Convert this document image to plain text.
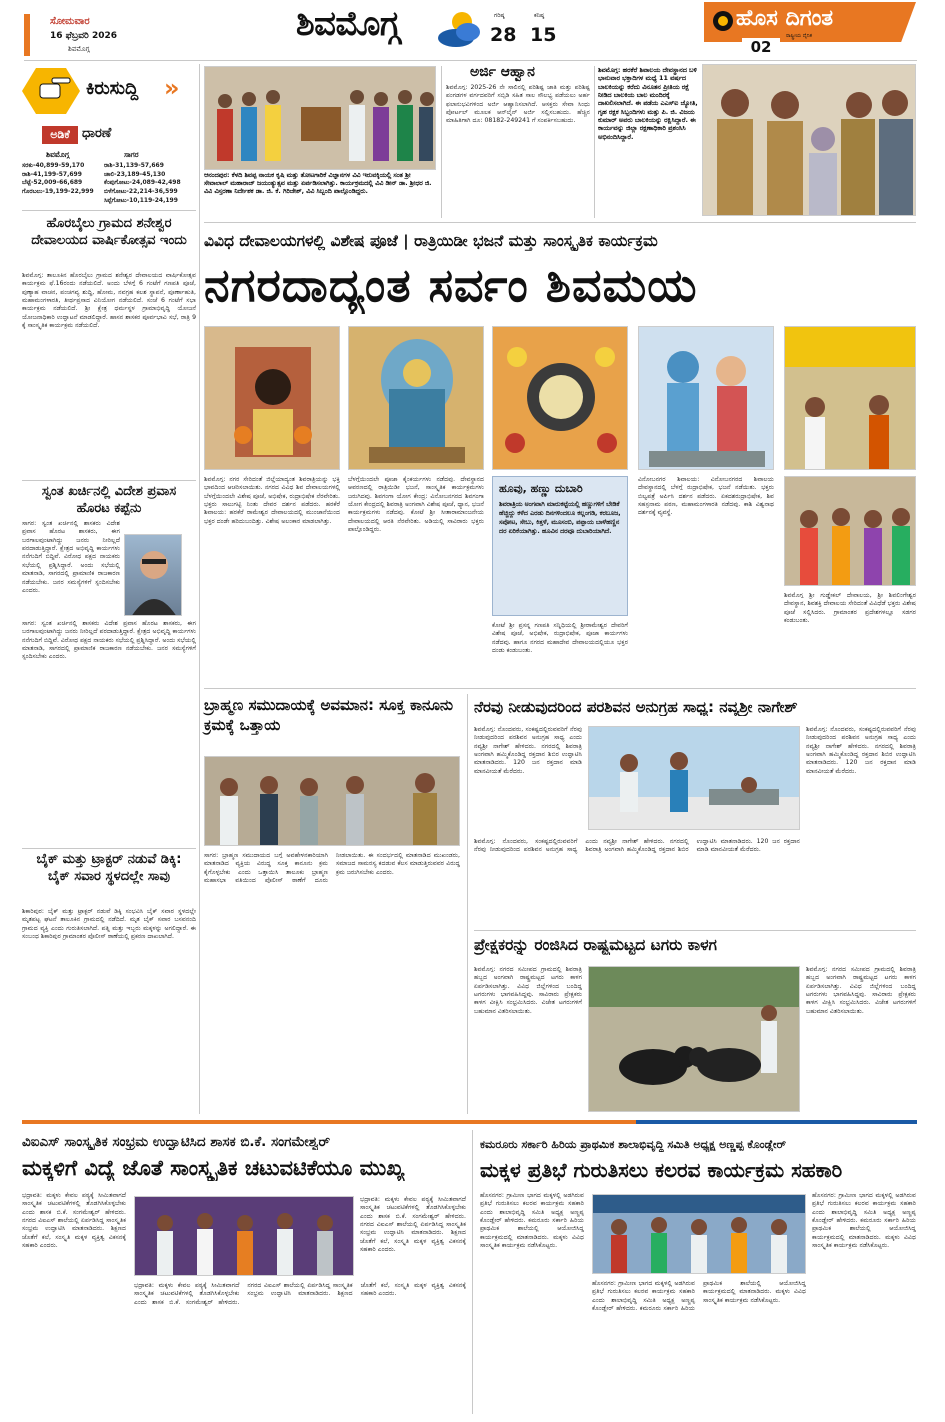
ಸೋಮವಾರ
16 ಫೆಬ್ರವರಿ 2026
ಶಿವಮೊಗ್ಗ
ಶಿವಮೊಗ್ಗ	ಗರಿಷ್ಠ
28
ಕನಿಷ್ಠ
15
ಹೊಸ ದಿಗಂತ
ರಾಷ್ಟ್ರೀಯ ದೈನಿಕ
02
ಕಿರುಸುದ್ದಿ »
ಅಡಿಕೆ ಧಾರಣೆ
ಶಿವಮೊಗ್ಗ	ಸಾಗರ
ಸರಕು-40,899-59,170
ರಾಶಿ-41,199-57,699
ಬೆಟ್ಟೆ-52,009-66,689
ಗೊರಬಲು-19,199-22,999
ರಾಶಿ-31,139-57,669
ಚಾಲಿ-23,189-45,130
ಕೆಂಪುಗೋಟು-24,089-42,498
ಬಿಳೆಗೋಟು-22,214-36,599
ಸಿಪ್ಪೆಗೋಟು-10,119-24,199
ಹೊರಬೈಲು ಗ್ರಾಮದ ಶನೇಶ್ವರ ದೇವಾಲಯದ ವಾರ್ಷಿಕೋತ್ಸವ ಇಂದು
ಶಿವಮೊಗ್ಗ: ತಾಲೂಕಿನ ಹೊರಬೈಲು ಗ್ರಾಮದ ಶನೇಶ್ವರ ದೇವಾಲಯದ ವಾರ್ಷಿಕೋತ್ಸವ ಕಾರ್ಯಕ್ರಮ ಫೆ.16ರಂದು ನಡೆಯಲಿದೆ. ಅಂದು ಬೆಳಗ್ಗೆ 6 ಗಂಟೆಗೆ ಗಣಪತಿ ಪೂಜೆ, ಪುಣ್ಯಾಹ ವಾಚನ, ಪಂಚಗವ್ಯ ಶುದ್ಧಿ, ಹೋಮ, ನವಗ್ರಹ ಕಲಶ ಸ್ಥಾಪನೆ, ಪೂರ್ಣಾಹುತಿ, ಮಹಾಮಂಗಳಾರತಿ, ತೀರ್ಥಪ್ರಸಾದ ವಿನಿಯೋಗ ನಡೆಯಲಿದೆ. ಸಂಜೆ 6 ಗಂಟೆಗೆ ಸಭಾ ಕಾರ್ಯಕ್ರಮ ನಡೆಯಲಿದೆ. ಶ್ರೀ ಕ್ಷೇತ್ರ ಧರ್ಮಸ್ಥಳ ಗ್ರಾಮಾಭಿವೃದ್ಧಿ ಯೋಜನೆ ಯೋಜನಾಧಿಕಾರಿ ಉದ್ಘಾಟನೆ ಮಾಡಲಿದ್ದಾರೆ. ಹಾಸನ ಶಾಸಕರ ಪೂರ್ವಭಾವಿ ಸಭೆ, ರಾತ್ರಿ 9 ಕ್ಕೆ ಸಾಂಸ್ಕೃತಿಕ ಕಾರ್ಯಕ್ರಮ ನಡೆಯಲಿದೆ.
ಸ್ವಂತ ಖರ್ಚಿನಲ್ಲಿ ವಿದೇಶ ಪ್ರವಾಸ ಹೊರಟ ಕಪ್ಪೆನು
ಸಾಗರ: ಸ್ವಂತ ಖರ್ಚಿನಲ್ಲಿ ಶಾಸಕರು ವಿದೇಶ ಪ್ರವಾಸ ಹೊರಟ ಶಾಸಕರು, ಈಗ ಬರಗಾಲವುಂಟಾಗಿದ್ದು ಜನರು ನೀರಿಲ್ಲದೆ ಪರದಾಡುತ್ತಿದ್ದಾರೆ. ಕ್ಷೇತ್ರದ ಅಭಿವೃದ್ಧಿ ಕಾರ್ಯಗಳು ನನೆಗುದಿಗೆ ಬಿದ್ದಿವೆ. ವಿರೋಧ ಪಕ್ಷದ ನಾಯಕರು ಸಭೆಯಲ್ಲಿ ಪ್ರಶ್ನಿಸಿದ್ದಾರೆ. ಅಂದು ಸಭೆಯಲ್ಲಿ ಮಾತನಾಡಿ, ಸಾಗರದಲ್ಲಿ ಪ್ರಾಮಾಣಿಕ ರಾಜಕಾರಣ ನಡೆಯಬೇಕು. ಜನರ ಸಮಸ್ಯೆಗಳಿಗೆ ಸ್ಪಂದಿಸಬೇಕು ಎಂದರು.
ಸಾಗರ: ಸ್ವಂತ ಖರ್ಚಿನಲ್ಲಿ ಶಾಸಕರು ವಿದೇಶ ಪ್ರವಾಸ ಹೊರಟ ಶಾಸಕರು, ಈಗ ಬರಗಾಲವುಂಟಾಗಿದ್ದು ಜನರು ನೀರಿಲ್ಲದೆ ಪರದಾಡುತ್ತಿದ್ದಾರೆ. ಕ್ಷೇತ್ರದ ಅಭಿವೃದ್ಧಿ ಕಾರ್ಯಗಳು ನನೆಗುದಿಗೆ ಬಿದ್ದಿವೆ. ವಿರೋಧ ಪಕ್ಷದ ನಾಯಕರು ಸಭೆಯಲ್ಲಿ ಪ್ರಶ್ನಿಸಿದ್ದಾರೆ. ಅಂದು ಸಭೆಯಲ್ಲಿ ಮಾತನಾಡಿ, ಸಾಗರದಲ್ಲಿ ಪ್ರಾಮಾಣಿಕ ರಾಜಕಾರಣ ನಡೆಯಬೇಕು. ಜನರ ಸಮಸ್ಯೆಗಳಿಗೆ ಸ್ಪಂದಿಸಬೇಕು ಎಂದರು.
ಬೈಕ್ ಮತ್ತು ಟ್ರಾಕ್ಟರ್ ನಡುವೆ ಡಿಕ್ಕಿ: ಬೈಕ್ ಸವಾರ ಸ್ಥಳದಲ್ಲೇ ಸಾವು
ಶಿಕಾರಿಪುರ: ಬೈಕ್ ಮತ್ತು ಟ್ರಾಕ್ಟರ್ ನಡುವೆ ಡಿಕ್ಕಿ ಸಂಭವಿಸಿ ಬೈಕ್ ಸವಾರ ಸ್ಥಳದಲ್ಲೇ ಮೃತಪಟ್ಟ ಘಟನೆ ತಾಲೂಕಿನ ಗ್ರಾಮದಲ್ಲಿ ನಡೆದಿದೆ. ಮೃತ ಬೈಕ್ ಸವಾರ ಬಸವನಂದಿ ಗ್ರಾಮದ ವ್ಯಕ್ತಿ ಎಂದು ಗುರುತಿಸಲಾಗಿದೆ. ಪತ್ನಿ ಮತ್ತು ಇಬ್ಬರು ಮಕ್ಕಳನ್ನು ಅಗಲಿದ್ದಾರೆ. ಈ ಸಂಬಂಧ ಶಿಕಾರಿಪುರ ಗ್ರಾಮಾಂತರ ಪೊಲೀಸ್ ಠಾಣೆಯಲ್ಲಿ ಪ್ರಕರಣ ದಾಖಲಾಗಿದೆ.
ಆನಂದಪುರ: ಕೆಳದಿ ಶಿವಪ್ಪ ನಾಯಕ ಕೃಷಿ ಮತ್ತು ತೋಟಗಾರಿಕೆ ವಿಜ್ಞಾನಗಳ ವಿವಿ ಇರುವಕ್ಕಿಯಲ್ಲಿ ಸಂತ ಶ್ರೀ ಸೇವಾಲಾಲ್ ಮಹಾರಾಜ್ ಜಯಂತ್ಯುತ್ಸವ ಮತ್ತು ಏರ್ಪಡಿಸಲಾಗಿತ್ತು. ಕಾರ್ಯಕ್ರಮದಲ್ಲಿ ವಿವಿ ಡೀನ್ ಡಾ. ಶ್ರೀಧರ ಜಿ. ವಿವಿ ವಿಸ್ತರಣಾ ನಿರ್ದೇಶಕ ಡಾ. ಜಿ. ಕೆ. ಗಿರಿಜೇಶ್, ವಿವಿ ಸಿಬ್ಬಂದಿ ಪಾಲ್ಗೊಂಡಿದ್ದರು.
ಅರ್ಜಿ ಆಹ್ವಾನ
ಶಿವಮೊಗ್ಗ: 2025-26 ನೇ ಸಾಲಿನಲ್ಲಿ ಪರಿಶಿಷ್ಟ ಜಾತಿ ಮತ್ತು ಪರಿಶಿಷ್ಟ ಪಂಗಡಗಳ ವರ್ಗದವರಿಗೆ ಸಬ್ಸಿಡಿ ಸಹಿತ ಸಾಲ ಸೌಲಭ್ಯ ಪಡೆಯಲು ಅರ್ಹ ಫಲಾನುಭವಿಗಳಿಂದ ಅರ್ಜಿ ಆಹ್ವಾನಿಸಲಾಗಿದೆ. ಆಸಕ್ತರು ಸೇವಾ ಸಿಂಧು ಪೋರ್ಟಲ್ ಮೂಲಕ ಆನ್‌ಲೈನ್ ಅರ್ಜಿ ಸಲ್ಲಿಸಬಹುದು. ಹೆಚ್ಚಿನ ಮಾಹಿತಿಗಾಗಿ ದೂ: 08182-249241 ಗೆ ಸಂಪರ್ಕಿಸಬಹುದು.
ಶಿವಮೊಗ್ಗ: ಹರಕೆರೆ ಶಿವಾಲಯ ದೇವಸ್ಥಾನದ ಬಳಿ ಭಾನುವಾರ ಭಕ್ತಾದಿಗಳ ಮಧ್ಯೆ 11 ವರ್ಷದ ಬಾಲಕಿಯನ್ನು ಕರೆದು ವಿನೂತನ ಪ್ರೀತಿಯ ರಕ್ಷೆ ನೀಡಿದ ಬಾಲಕಿಯ ಬಾಲ ಮಂದಿರಕ್ಕೆ ದಾಖಲಿಸಲಾಗಿದೆ. ಈ ಪಡೆಯ ಎಎಸ್ಐ ಜ್ಯೋತಿ, ಗೃಹ ರಕ್ಷಕ ಸಿಬ್ಬಂದಿಗಳು ಮತ್ತು ಪಿ. ಜಿ. ವಿಜಯ ಕುಮಾರ್ ಅವರು ಬಾಲಕಿಯನ್ನು ರಕ್ಷಿಸಿದ್ದಾರೆ. ಈ ಕಾರ್ಯವನ್ನು ಜಿಲ್ಲಾ ರಕ್ಷಣಾಧಿಕಾರಿ ಪ್ರಶಂಸಿಸಿ ಅಭಿನಂದಿಸಿದ್ದಾರೆ.
ವಿವಿಧ ದೇವಾಲಯಗಳಲ್ಲಿ ವಿಶೇಷ ಪೂಜೆ | ರಾತ್ರಿಯಿಡೀ ಭಜನೆ ಮತ್ತು ಸಾಂಸ್ಕೃತಿಕ ಕಾರ್ಯಕ್ರಮ
ನಗರದಾದ್ಯಂತ ಸರ್ವಂ ಶಿವಮಯ
ಶಿವಮೊಗ್ಗ: ನಗರ ಸೇರಿದಂತೆ ಜಿಲ್ಲೆಯಾದ್ಯಂತ ಶಿವರಾತ್ರಿಯನ್ನು ಭಕ್ತಿ ಭಾವದಿಂದ ಆಚರಿಸಲಾಯಿತು. ನಗರದ ವಿವಿಧ ಶಿವ ದೇವಾಲಯಗಳಲ್ಲಿ ಬೆಳಗ್ಗೆಯಿಂದಲೇ ವಿಶೇಷ ಪೂಜೆ, ಅಭಿಷೇಕ, ರುದ್ರಾಭಿಷೇಕ ನೆರವೇರಿತು. ಭಕ್ತರು ಸಾಲುಗಟ್ಟಿ ನಿಂತು ದೇವರ ದರ್ಶನ ಪಡೆದರು. ಹರಕೆರೆ ಶಿವಾಲಯ: ಹರಕೆರೆ ರಾಮೇಶ್ವರ ದೇವಾಲಯದಲ್ಲಿ ಮುಂಜಾನೆಯಿಂದ ಭಕ್ತರ ದಂಡೇ ಹರಿದುಬಂದಿತ್ತು. ವಿಶೇಷ ಅಲಂಕಾರ ಮಾಡಲಾಗಿತ್ತು.
ಬೆಳಗ್ಗೆಯಿಂದಲೇ ಪೂಜಾ ಕೈಂಕರ್ಯಗಳು ನಡೆದವು. ದೇವಸ್ಥಾನದ ಆವರಣದಲ್ಲಿ ರಾತ್ರಿಯಿಡೀ ಭಜನೆ, ಸಾಂಸ್ಕೃತಿಕ ಕಾರ್ಯಕ್ರಮಗಳು ಜರುಗಿದವು. ಶಿವಗಂಗಾ ಯೋಗ ಕೇಂದ್ರ: ವಿನೋಬನಗರದ ಶಿವಗಂಗಾ ಯೋಗ ಕೇಂದ್ರದಲ್ಲಿ ಶಿವರಾತ್ರಿ ಅಂಗವಾಗಿ ವಿಶೇಷ ಪೂಜೆ, ಧ್ಯಾನ, ಭಜನೆ ಕಾರ್ಯಕ್ರಮಗಳು ನಡೆದವು. ಕೋಟೆ ಶ್ರೀ ಸೀತಾರಾಮಾಂಜನೇಯ ದೇವಾಲಯದಲ್ಲಿ ಆರತಿ ನೆರವೇರಿತು. ಅಡಿಯಲ್ಲಿ ಸಾವಿರಾರು ಭಕ್ತರು ಪಾಲ್ಗೊಂಡಿದ್ದರು.
ಹೂವು, ಹಣ್ಣು ದುಬಾರಿ
ಶಿವರಾತ್ರಿಯ ಅಂಗವಾಗಿ ಮಾರುಕಟ್ಟೆಯಲ್ಲಿ ಹಣ್ಣುಗಳಿಗೆ ಬೇಡಿಕೆ ಹೆಚ್ಚಿದ್ದು ಕಳೆದ ಎರಡು ದಿನಗಳಿಂದಲೂ ಕಲ್ಲಂಗಡಿ, ಕರಬೂಜ, ಸಪೋಟ, ಸೇಬು, ಕಿತ್ತಳೆ, ಮೂಸಂಬಿ, ಪಪ್ಪಾಯ ಬಾಳೆಹಣ್ಣಿನ ದರ ಏರಿಕೆಯಾಗಿತ್ತು. ಹೂವಿನ ದರವೂ ದುಬಾರಿಯಾಗಿದೆ.
ಕೋಟೆ ಶ್ರೀ ಪ್ರಸನ್ನ ಗಣಪತಿ ಸನ್ನಿಧಿಯಲ್ಲಿ ಶ್ರೀರಾಮೇಶ್ವರ ದೇವರಿಗೆ ವಿಶೇಷ ಪೂಜೆ, ಅಭಿಷೇಕ, ರುದ್ರಾಭಿಷೇಕ, ಪೂಜಾ ಕಾರ್ಯಗಳು ನಡೆದವು. ಹಾಗೂ ನಗರದ ಮಹಾದೇವ ದೇವಾಲಯದಲ್ಲಿಯೂ ಭಕ್ತರ ದಂಡು ಕಂಡುಬಂತು.
ವಿನೋಬನಗರ ಶಿವಾಲಯ: ವಿನೋಬನಗರದ ಶಿವಾಲಯ ದೇವಸ್ಥಾನದಲ್ಲಿ ಬೆಳಗ್ಗೆ ರುದ್ರಾಭಿಷೇಕ, ಭಜನೆ ನಡೆಯಿತು. ಭಕ್ತರು ಬಿಲ್ವಪತ್ರೆ ಅರ್ಪಿಸಿ ದರ್ಶನ ಪಡೆದರು. ಏಕದಶರುದ್ರಾಭಿಷೇಕ, ಶಿವ ಸಹಸ್ರನಾಮ ಪಠಣ, ಮಹಾಮಂಗಳಾರತಿ ನಡೆದವು. ಕಾಶಿ ವಿಶ್ವನಾಥ ದರ್ಶನಕ್ಕೆ ವ್ಯವಸ್ಥೆ.
ಶಿವಮೊಗ್ಗ ಶ್ರೀ ಗುಡ್ಡೇಕಲ್ ದೇವಾಲಯ, ಶ್ರೀ ಶಿವಲಿಂಗೇಶ್ವರ ದೇವಸ್ಥಾನ, ಶಿವಶಕ್ತಿ ದೇವಾಲಯ ಸೇರಿದಂತೆ ವಿವಿಧೆಡೆ ಭಕ್ತರು ವಿಶೇಷ ಪೂಜೆ ಸಲ್ಲಿಸಿದರು. ಗ್ರಾಮಾಂತರ ಪ್ರದೇಶಗಳಲ್ಲೂ ಸಡಗರ ಕಂಡುಬಂತು.
ಬ್ರಾಹ್ಮಣ ಸಮುದಾಯಕ್ಕೆ ಅವಮಾನ: ಸೂಕ್ತ ಕಾನೂನು ಕ್ರಮಕ್ಕೆ ಒತ್ತಾಯ
ಸಾಗರ: ಬ್ರಾಹ್ಮಣ ಸಮುದಾಯದ ಬಗ್ಗೆ ಅವಹೇಳನಕಾರಿಯಾಗಿ ಮಾತನಾಡಿದ ವ್ಯಕ್ತಿಯ ವಿರುದ್ಧ ಸೂಕ್ತ ಕಾನೂನು ಕ್ರಮ ಕೈಗೊಳ್ಳಬೇಕು ಎಂದು ಒತ್ತಾಯಿಸಿ ತಾಲೂಕು ಬ್ರಾಹ್ಮಣ ಮಹಾಸಭಾ ವತಿಯಿಂದ ಪೊಲೀಸ್ ಠಾಣೆಗೆ ದೂರು ನೀಡಲಾಯಿತು. ಈ ಸಂದರ್ಭದಲ್ಲಿ ಮಾತನಾಡಿದ ಮುಖಂಡರು, ಸಮಾಜದ ಸಾಮರಸ್ಯ ಕದಡುವ ಕೆಲಸ ಮಾಡುತ್ತಿರುವವರ ವಿರುದ್ಧ ಕ್ರಮ ಜರುಗಿಸಬೇಕು ಎಂದರು.
ನೆರವು ನೀಡುವುದರಿಂದ ಪರಶಿವನ ಅನುಗ್ರಹ ಸಾಧ್ಯ: ನವ್ಯಶ್ರೀ ನಾಗೇಶ್
ಶಿವಮೊಗ್ಗ: ನೊಂದವರು, ಸಂಕಷ್ಟದಲ್ಲಿರುವವರಿಗೆ ನೆರವು ನೀಡುವುದರಿಂದ ಪರಶಿವನ ಅನುಗ್ರಹ ಸಾಧ್ಯ ಎಂದು ನವ್ಯಶ್ರೀ ನಾಗೇಶ್ ಹೇಳಿದರು. ನಗರದಲ್ಲಿ ಶಿವರಾತ್ರಿ ಅಂಗವಾಗಿ ಹಮ್ಮಿಕೊಂಡಿದ್ದ ರಕ್ತದಾನ ಶಿಬಿರ ಉದ್ಘಾಟಿಸಿ ಮಾತನಾಡಿದರು. 120 ಜನ ರಕ್ತದಾನ ಮಾಡಿ ಮಾನವೀಯತೆ ಮೆರೆದರು.
ಶಿವಮೊಗ್ಗ: ನೊಂದವರು, ಸಂಕಷ್ಟದಲ್ಲಿರುವವರಿಗೆ ನೆರವು ನೀಡುವುದರಿಂದ ಪರಶಿವನ ಅನುಗ್ರಹ ಸಾಧ್ಯ ಎಂದು ನವ್ಯಶ್ರೀ ನಾಗೇಶ್ ಹೇಳಿದರು. ನಗರದಲ್ಲಿ ಶಿವರಾತ್ರಿ ಅಂಗವಾಗಿ ಹಮ್ಮಿಕೊಂಡಿದ್ದ ರಕ್ತದಾನ ಶಿಬಿರ ಉದ್ಘಾಟಿಸಿ ಮಾತನಾಡಿದರು. 120 ಜನ ರಕ್ತದಾನ ಮಾಡಿ ಮಾನವೀಯತೆ ಮೆರೆದರು.
ಶಿವಮೊಗ್ಗ: ನೊಂದವರು, ಸಂಕಷ್ಟದಲ್ಲಿರುವವರಿಗೆ ನೆರವು ನೀಡುವುದರಿಂದ ಪರಶಿವನ ಅನುಗ್ರಹ ಸಾಧ್ಯ ಎಂದು ನವ್ಯಶ್ರೀ ನಾಗೇಶ್ ಹೇಳಿದರು. ನಗರದಲ್ಲಿ ಶಿವರಾತ್ರಿ ಅಂಗವಾಗಿ ಹಮ್ಮಿಕೊಂಡಿದ್ದ ರಕ್ತದಾನ ಶಿಬಿರ ಉದ್ಘಾಟಿಸಿ ಮಾತನಾಡಿದರು. 120 ಜನ ರಕ್ತದಾನ ಮಾಡಿ ಮಾನವೀಯತೆ ಮೆರೆದರು.
ಪ್ರೇಕ್ಷಕರನ್ನು ರಂಜಿಸಿದ ರಾಷ್ಟ್ರಮಟ್ಟದ ಟಗರು ಕಾಳಗ
ಶಿವಮೊಗ್ಗ: ನಗರದ ಸಮೀಪದ ಗ್ರಾಮದಲ್ಲಿ ಶಿವರಾತ್ರಿ ಹಬ್ಬದ ಅಂಗವಾಗಿ ರಾಷ್ಟ್ರಮಟ್ಟದ ಟಗರು ಕಾಳಗ ಏರ್ಪಡಿಸಲಾಗಿತ್ತು. ವಿವಿಧ ಜಿಲ್ಲೆಗಳಿಂದ ಬಂದಿದ್ದ ಟಗರುಗಳು ಭಾಗವಹಿಸಿದ್ದವು. ಸಾವಿರಾರು ಪ್ರೇಕ್ಷಕರು ಕಾಳಗ ವೀಕ್ಷಿಸಿ ಸಂಭ್ರಮಿಸಿದರು. ವಿಜೇತ ಟಗರುಗಳಿಗೆ ಬಹುಮಾನ ವಿತರಿಸಲಾಯಿತು.
ಶಿವಮೊಗ್ಗ: ನಗರದ ಸಮೀಪದ ಗ್ರಾಮದಲ್ಲಿ ಶಿವರಾತ್ರಿ ಹಬ್ಬದ ಅಂಗವಾಗಿ ರಾಷ್ಟ್ರಮಟ್ಟದ ಟಗರು ಕಾಳಗ ಏರ್ಪಡಿಸಲಾಗಿತ್ತು. ವಿವಿಧ ಜಿಲ್ಲೆಗಳಿಂದ ಬಂದಿದ್ದ ಟಗರುಗಳು ಭಾಗವಹಿಸಿದ್ದವು. ಸಾವಿರಾರು ಪ್ರೇಕ್ಷಕರು ಕಾಳಗ ವೀಕ್ಷಿಸಿ ಸಂಭ್ರಮಿಸಿದರು. ವಿಜೇತ ಟಗರುಗಳಿಗೆ ಬಹುಮಾನ ವಿತರಿಸಲಾಯಿತು.
ವಿಐಎಸ್ ಸಾಂಸ್ಕೃತಿಕ ಸಂಭ್ರಮ ಉದ್ಘಾಟಿಸಿದ ಶಾಸಕ ಬಿ.ಕೆ. ಸಂಗಮೇಶ್ವರ್
ಮಕ್ಕಳಿಗೆ ವಿದ್ಯೆ ಜೊತೆ ಸಾಂಸ್ಕೃತಿಕ ಚಟುವಟಿಕೆಯೂ ಮುಖ್ಯ
ಭದ್ರಾವತಿ: ಮಕ್ಕಳು ಕೇವಲ ಪಠ್ಯಕ್ಕೆ ಸೀಮಿತವಾಗದೆ ಸಾಂಸ್ಕೃತಿಕ ಚಟುವಟಿಕೆಗಳಲ್ಲಿ ತೊಡಗಿಸಿಕೊಳ್ಳಬೇಕು ಎಂದು ಶಾಸಕ ಬಿ.ಕೆ. ಸಂಗಮೇಶ್ವರ್ ಹೇಳಿದರು. ನಗರದ ವಿಐಎಸ್ ಶಾಲೆಯಲ್ಲಿ ಏರ್ಪಡಿಸಿದ್ದ ಸಾಂಸ್ಕೃತಿಕ ಸಂಭ್ರಮ ಉದ್ಘಾಟಿಸಿ ಮಾತನಾಡಿದರು. ಶಿಕ್ಷಣದ ಜೊತೆಗೆ ಕಲೆ, ಸಂಸ್ಕೃತಿ ಮಕ್ಕಳ ವ್ಯಕ್ತಿತ್ವ ವಿಕಸನಕ್ಕೆ ಸಹಕಾರಿ ಎಂದರು.
ಭದ್ರಾವತಿ: ಮಕ್ಕಳು ಕೇವಲ ಪಠ್ಯಕ್ಕೆ ಸೀಮಿತವಾಗದೆ ಸಾಂಸ್ಕೃತಿಕ ಚಟುವಟಿಕೆಗಳಲ್ಲಿ ತೊಡಗಿಸಿಕೊಳ್ಳಬೇಕು ಎಂದು ಶಾಸಕ ಬಿ.ಕೆ. ಸಂಗಮೇಶ್ವರ್ ಹೇಳಿದರು. ನಗರದ ವಿಐಎಸ್ ಶಾಲೆಯಲ್ಲಿ ಏರ್ಪಡಿಸಿದ್ದ ಸಾಂಸ್ಕೃತಿಕ ಸಂಭ್ರಮ ಉದ್ಘಾಟಿಸಿ ಮಾತನಾಡಿದರು. ಶಿಕ್ಷಣದ ಜೊತೆಗೆ ಕಲೆ, ಸಂಸ್ಕೃತಿ ಮಕ್ಕಳ ವ್ಯಕ್ತಿತ್ವ ವಿಕಸನಕ್ಕೆ ಸಹಕಾರಿ ಎಂದರು.
ಭದ್ರಾವತಿ: ಮಕ್ಕಳು ಕೇವಲ ಪಠ್ಯಕ್ಕೆ ಸೀಮಿತವಾಗದೆ ಸಾಂಸ್ಕೃತಿಕ ಚಟುವಟಿಕೆಗಳಲ್ಲಿ ತೊಡಗಿಸಿಕೊಳ್ಳಬೇಕು ಎಂದು ಶಾಸಕ ಬಿ.ಕೆ. ಸಂಗಮೇಶ್ವರ್ ಹೇಳಿದರು. ನಗರದ ವಿಐಎಸ್ ಶಾಲೆಯಲ್ಲಿ ಏರ್ಪಡಿಸಿದ್ದ ಸಾಂಸ್ಕೃತಿಕ ಸಂಭ್ರಮ ಉದ್ಘಾಟಿಸಿ ಮಾತನಾಡಿದರು. ಶಿಕ್ಷಣದ ಜೊತೆಗೆ ಕಲೆ, ಸಂಸ್ಕೃತಿ ಮಕ್ಕಳ ವ್ಯಕ್ತಿತ್ವ ವಿಕಸನಕ್ಕೆ ಸಹಕಾರಿ ಎಂದರು.
ಕಮರೂರು ಸರ್ಕಾರಿ ಹಿರಿಯ ಪ್ರಾಥಮಿಕ ಶಾಲಾಭಿವೃದ್ಧಿ ಸಮಿತಿ ಅಧ್ಯಕ್ಷ ಅಣ್ಣಪ್ಪ ಕೊಂಡ್ಲೇರ್
ಮಕ್ಕಳ ಪ್ರತಿಭೆ ಗುರುತಿಸಲು ಕಲರವ ಕಾರ್ಯಕ್ರಮ ಸಹಕಾರಿ
ಹೊಸನಗರ: ಗ್ರಾಮೀಣ ಭಾಗದ ಮಕ್ಕಳಲ್ಲಿ ಅಡಗಿರುವ ಪ್ರತಿಭೆ ಗುರುತಿಸಲು ಕಲರವ ಕಾರ್ಯಕ್ರಮ ಸಹಕಾರಿ ಎಂದು ಶಾಲಾಭಿವೃದ್ಧಿ ಸಮಿತಿ ಅಧ್ಯಕ್ಷ ಅಣ್ಣಪ್ಪ ಕೊಂಡ್ಲೇರ್ ಹೇಳಿದರು. ಕಮರೂರು ಸರ್ಕಾರಿ ಹಿರಿಯ ಪ್ರಾಥಮಿಕ ಶಾಲೆಯಲ್ಲಿ ಆಯೋಜಿಸಿದ್ದ ಕಾರ್ಯಕ್ರಮದಲ್ಲಿ ಮಾತನಾಡಿದರು. ಮಕ್ಕಳು ವಿವಿಧ ಸಾಂಸ್ಕೃತಿಕ ಕಾರ್ಯಕ್ರಮ ನಡೆಸಿಕೊಟ್ಟರು.
ಹೊಸನಗರ: ಗ್ರಾಮೀಣ ಭಾಗದ ಮಕ್ಕಳಲ್ಲಿ ಅಡಗಿರುವ ಪ್ರತಿಭೆ ಗುರುತಿಸಲು ಕಲರವ ಕಾರ್ಯಕ್ರಮ ಸಹಕಾರಿ ಎಂದು ಶಾಲಾಭಿವೃದ್ಧಿ ಸಮಿತಿ ಅಧ್ಯಕ್ಷ ಅಣ್ಣಪ್ಪ ಕೊಂಡ್ಲೇರ್ ಹೇಳಿದರು. ಕಮರೂರು ಸರ್ಕಾರಿ ಹಿರಿಯ ಪ್ರಾಥಮಿಕ ಶಾಲೆಯಲ್ಲಿ ಆಯೋಜಿಸಿದ್ದ ಕಾರ್ಯಕ್ರಮದಲ್ಲಿ ಮಾತನಾಡಿದರು. ಮಕ್ಕಳು ವಿವಿಧ ಸಾಂಸ್ಕೃತಿಕ ಕಾರ್ಯಕ್ರಮ ನಡೆಸಿಕೊಟ್ಟರು.
ಹೊಸನಗರ: ಗ್ರಾಮೀಣ ಭಾಗದ ಮಕ್ಕಳಲ್ಲಿ ಅಡಗಿರುವ ಪ್ರತಿಭೆ ಗುರುತಿಸಲು ಕಲರವ ಕಾರ್ಯಕ್ರಮ ಸಹಕಾರಿ ಎಂದು ಶಾಲಾಭಿವೃದ್ಧಿ ಸಮಿತಿ ಅಧ್ಯಕ್ಷ ಅಣ್ಣಪ್ಪ ಕೊಂಡ್ಲೇರ್ ಹೇಳಿದರು. ಕಮರೂರು ಸರ್ಕಾರಿ ಹಿರಿಯ ಪ್ರಾಥಮಿಕ ಶಾಲೆಯಲ್ಲಿ ಆಯೋಜಿಸಿದ್ದ ಕಾರ್ಯಕ್ರಮದಲ್ಲಿ ಮಾತನಾಡಿದರು. ಮಕ್ಕಳು ವಿವಿಧ ಸಾಂಸ್ಕೃತಿಕ ಕಾರ್ಯಕ್ರಮ ನಡೆಸಿಕೊಟ್ಟರು.
